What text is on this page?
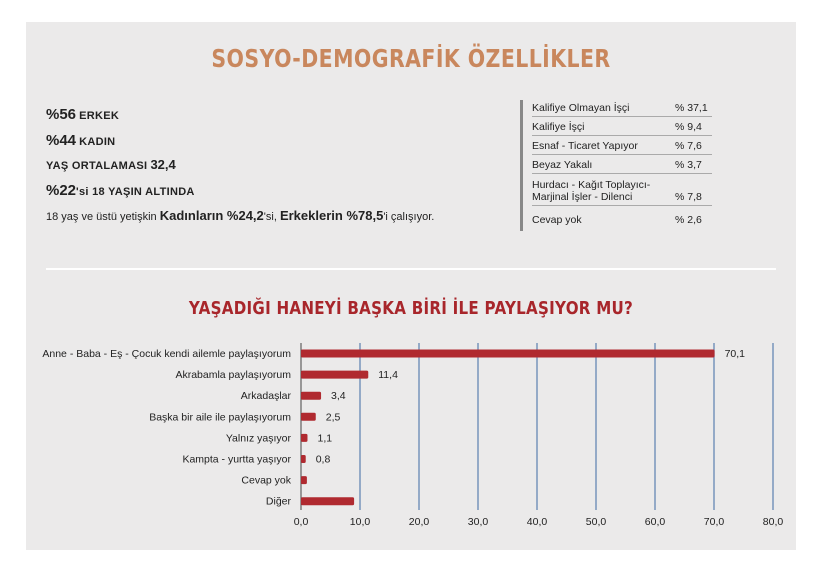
SOSYO-DEMOGRAFİK ÖZELLİKLER
%56 ERKEK
%44 KADIN
YAŞ ORTALAMASI 32,4
%22'si 18 YAŞIN ALTINDA
18 yaş ve üstü yetişkin Kadınların %24,2'si, Erkeklerin %78,5'i çalışıyor.
Kalifiye Olmayan İşçi	% 37,1
Kalifiye İşçi	% 9,4
Esnaf - Ticaret Yapıyor	% 7,6
Beyaz Yakalı	% 3,7
Hurdacı - Kağıt Toplayıcı-
Marjinal İşler - Dilenci	% 7,8
Cevap yok	% 2,6
YAŞADIĞI HANEYİ BAŞKA BİRİ İLE PAYLAŞIYOR MU?
0,0	10,0	20,0	30,0	40,0	50,0	60,0	70,0	80,0
Anne - Baba - Eş - Çocuk kendi ailemle paylaşıyorum	70,1
Akrabamla paylaşıyorum	11,4
Arkadaşlar	3,4
Başka bir aile ile paylaşıyorum	2,5
Yalnız yaşıyor	1,1
Kampta - yurtta yaşıyor 0,8
Cevap yok
Diğer
